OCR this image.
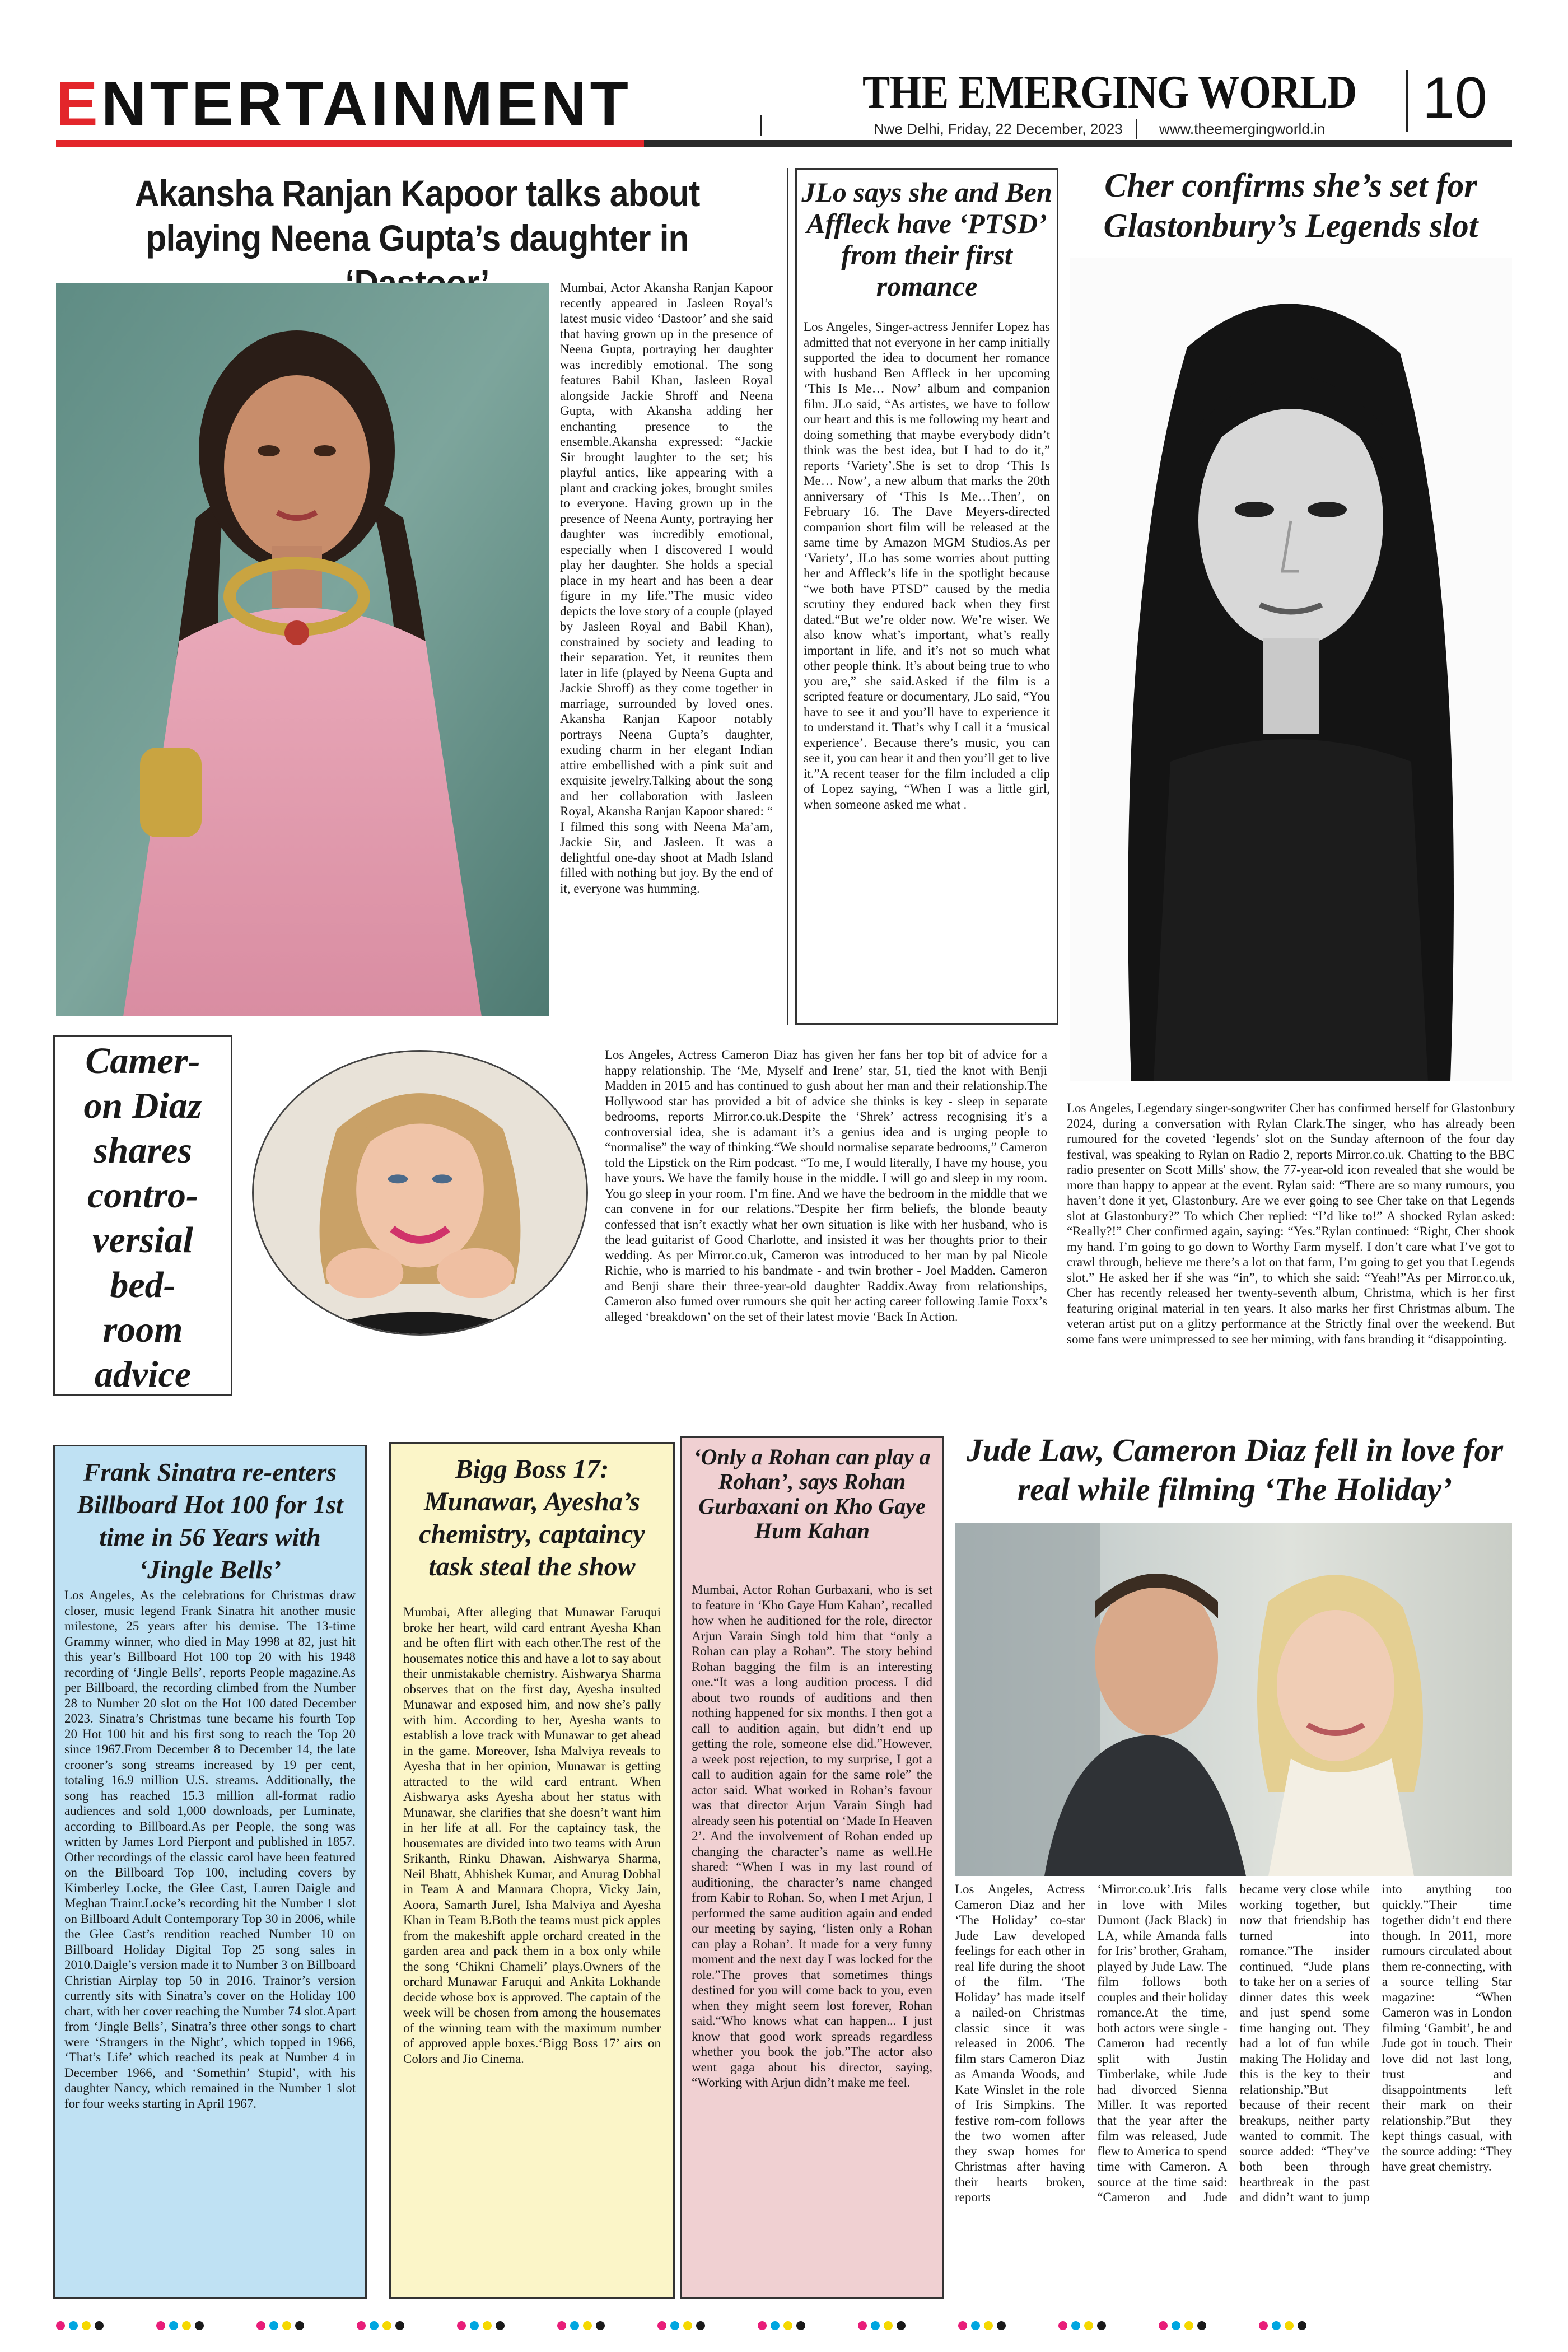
ENTERTAINMENT	THE EMERGING WORLD
Nwe Delhi, Friday, 22 December, 2023	www.theemergingworld.in 10
Akansha Ranjan Kapoor talks about playing Neena Gupta’s daughter in
Mumbai, Actor Akansha Ranjan Kapoor recently appeared in Jasleen Royal’s latest music video ‘Dastoor’ and she said that having grown up in the presence of Neena Gupta, portraying her daughter was incredibly emotional. The song features Babil Khan, Jasleen Royal alongside Jackie Shroff and Neena Gupta, with Akansha adding her enchanting presence to the ensemble.Akansha expressed: “Jackie Sir brought laughter to the set; his playful antics, like appearing with a plant and cracking jokes, brought smiles to everyone. Having grown up in the presence of Neena Aunty, portraying her daughter was incredibly emotional, especially when I discovered I would play her daughter. She holds a special place in my heart and has been a dear figure in my life.”The music video depicts the love story of a couple (played by Jasleen Royal and Babil Khan), constrained by society and leading to their separation. Yet, it reunites them later in life (played by Neena Gupta and Jackie Shroff) as they come together in marriage, surrounded by loved ones. Akansha Ranjan Kapoor notably portrays Neena Gupta’s daughter, exuding charm in her elegant Indian attire embellished with a pink suit and exquisite jewelry.Talking about the song and her collaboration with Jasleen Royal, Akansha Ranjan Kapoor shared: “ I filmed this song with Neena Ma’am, Jackie Sir, and Jasleen. It was a delightful one-day shoot at Madh Island filled with nothing but joy. By the end of it, everyone was humming.
JLo says she and Ben Affleck have ‘PTSD’ from their first romance
Los Angeles, Singer-actress Jennifer Lopez has admitted that not everyone in her camp initially supported the idea to document her romance with husband Ben Affleck in her upcoming ‘This Is Me… Now’ album and companion film. JLo said, “As artistes, we have to follow our heart and this is me following my heart and doing something that maybe everybody didn’t think was the best idea, but I had to do it,” reports ‘Variety’.She is set to drop ‘This Is Me… Now’, a new album that marks the 20th anniversary of ‘This Is Me…Then’, on February 16. The Dave Meyers-directed companion short film will be released at the same time by Amazon MGM Studios.As per ‘Variety’, JLo has some worries about putting her and Affleck’s life in the spotlight because “we both have PTSD” caused by the media scrutiny they endured back when they first dated.“But we’re older now. We’re wiser. We also know what’s important, what’s really important in life, and it’s not so much what other people think. It’s about being true to who you are,” she said.Asked if the film is a scripted feature or documentary, JLo said, “You have to see it and you’ll have to experience it to understand it. That’s why I call it a ‘musical experience’. Because there’s music, you can see it, you can hear it and then you’ll get to live it.”A recent teaser for the film included a clip of Lopez saying, “When I was a little girl, when someone asked me what .
Cher confirms she’s set for Glastonbury’s Legends slot
Los Angeles, Legendary singer-songwriter Cher has confirmed herself for Glastonbury 2024, during a conversation with Rylan Clark.The singer, who has already been rumoured for the coveted ‘legends’ slot on the Sunday afternoon of the four day festival, was speaking to Rylan on Radio 2, reports Mirror.co.uk. Chatting to the BBC radio presenter on Scott Mills' show, the 77-year-old icon revealed that she would be more than happy to appear at the event. Rylan said: “There are so many rumours, you haven’t done it yet, Glastonbury. Are we ever going to see Cher take on that Legends slot at Glastonbury?” To which Cher replied: “I’d like to!” A shocked Rylan asked: “Really?!” Cher confirmed again, saying: “Yes.”Rylan continued: “Right, Cher shook my hand. I’m going to go down to Worthy Farm myself. I don’t care what I’ve got to crawl through, believe me there’s a lot on that farm, I’m going to get you that Legends slot.” He asked her if she was “in”, to which she said: “Yeah!”As per Mirror.co.uk, Cher has recently released her twenty-seventh album, Christma, which is her first featuring original material in ten years. It also marks her first Christmas album. The veteran artist put on a glitzy performance at the Strictly final over the weekend. But some fans were unimpressed to see her miming, with fans branding it “disappointing.
Camer-
on Diaz
shares
contro-
versial
bed-
room
advice
Los Angeles, Actress Cameron Diaz has given her fans her top bit of advice for a happy relationship. The ‘Me, Myself and Irene’ star, 51, tied the knot with Benji Madden in 2015 and has continued to gush about her man and their relationship.The Hollywood star has provided a bit of advice she thinks is key - sleep in separate bedrooms, reports Mirror.co.uk.Despite the ‘Shrek’ actress recognising it’s a controversial idea, she is adamant it’s a genius idea and is urging people to “normalise” the way of thinking.“We should normalise separate bedrooms,” Cameron told the Lipstick on the Rim podcast. “To me, I would literally, I have my house, you have yours. We have the family house in the middle. I will go and sleep in my room. You go sleep in your room. I’m fine. And we have the bedroom in the middle that we can convene in for our relations.”Despite her firm beliefs, the blonde beauty confessed that isn’t exactly what her own situation is like with her husband, who is the lead guitarist of Good Charlotte, and insisted it was her thoughts prior to their wedding. As per Mirror.co.uk, Cameron was introduced to her man by pal Nicole Richie, who is married to his bandmate - and twin brother - Joel Madden. Cameron and Benji share their three-year-old daughter Raddix.Away from relationships, Cameron also fumed over rumours she quit her acting career following Jamie Foxx’s alleged ‘breakdown’ on the set of their latest movie ‘Back In Action.
Frank Sinatra re-enters Billboard Hot 100 for 1st time in 56 Years with ‘Jingle Bells’
Los Angeles, As the celebrations for Christmas draw closer, music legend Frank Sinatra hit another music milestone, 25 years after his demise. The 13-time Grammy winner, who died in May 1998 at 82, just hit this year’s Billboard Hot 100 top 20 with his 1948 recording of ‘Jingle Bells’, reports People magazine.As per Billboard, the recording climbed from the Number 28 to Number 20 slot on the Hot 100 dated December 2023. Sinatra’s Christmas tune became his fourth Top 20 Hot 100 hit and his first song to reach the Top 20 since 1967.From December 8 to December 14, the late crooner’s song streams increased by 19 per cent, totaling 16.9 million U.S. streams. Additionally, the song has reached 15.3 million all-format radio audiences and sold 1,000 downloads, per Luminate, according to Billboard.As per People, the song was written by James Lord Pierpont and published in 1857. Other recordings of the classic carol have been featured on the Billboard Top 100, including covers by Kimberley Locke, the Glee Cast, Lauren Daigle and Meghan Trainr.Locke’s recording hit the Number 1 slot on Billboard Adult Contemporary Top 30 in 2006, while the Glee Cast’s rendition reached Number 10 on Billboard Holiday Digital Top 25 song sales in 2010.Daigle’s version made it to Number 3 on Billboard Christian Airplay top 50 in 2016. Trainor’s version currently sits with Sinatra’s cover on the Holiday 100 chart, with her cover reaching the Number 74 slot.Apart from ‘Jingle Bells’, Sinatra’s three other songs to chart were ‘Strangers in the Night’, which topped in 1966, ‘That’s Life’ which reached its peak at Number 4 in December 1966, and ‘Somethin’ Stupid’, with his daughter Nancy, which remained in the Number 1 slot for four weeks starting in April 1967.
Bigg Boss 17: Munawar, Ayesha’s chemistry, captaincy task steal the show
Mumbai, After alleging that Munawar Faruqui broke her heart, wild card entrant Ayesha Khan and he often flirt with each other.The rest of the housemates notice this and have a lot to say about their unmistakable chemistry. Aishwarya Sharma observes that on the first day, Ayesha insulted Munawar and exposed him, and now she’s pally with him. According to her, Ayesha wants to establish a love track with Munawar to get ahead in the game. Moreover, Isha Malviya reveals to Ayesha that in her opinion, Munawar is getting attracted to the wild card entrant. When Aishwarya asks Ayesha about her status with Munawar, she clarifies that she doesn’t want him in her life at all. For the captaincy task, the housemates are divided into two teams with Arun Srikanth, Rinku Dhawan, Aishwarya Sharma, Neil Bhatt, Abhishek Kumar, and Anurag Dobhal in Team A and Mannara Chopra, Vicky Jain, Aoora, Samarth Jurel, Isha Malviya and Ayesha Khan in Team B.Both the teams must pick apples from the makeshift apple orchard created in the garden area and pack them in a box only while the song ‘Chikni Chameli’ plays.Owners of the orchard Munawar Faruqui and Ankita Lokhande decide whose box is approved. The captain of the week will be chosen from among the housemates of the winning team with the maximum number of approved apple boxes.‘Bigg Boss 17’ airs on Colors and Jio Cinema.
‘Only a Rohan can play a Rohan’, says Rohan Gurbaxani on Kho Gaye Hum Kahan
Mumbai, Actor Rohan Gurbaxani, who is set to feature in ‘Kho Gaye Hum Kahan’, recalled how when he auditioned for the role, director Arjun Varain Singh told him that “only a Rohan can play a Rohan”. The story behind Rohan bagging the film is an interesting one.“It was a long audition process. I did about two rounds of auditions and then nothing happened for six months. I then got a call to audition again, but didn’t end up getting the role, someone else did.”However, a week post rejection, to my surprise, I got a call to audition again for the same role” the actor said. What worked in Rohan’s favour was that director Arjun Varain Singh had already seen his potential on ‘Made In Heaven 2’. And the involvement of Rohan ended up changing the character’s name as well.He shared: “When I was in my last round of auditioning, the character’s name changed from Kabir to Rohan. So, when I met Arjun, I performed the same audition again and ended our meeting by saying, ‘listen only a Rohan can play a Rohan’. It made for a very funny moment and the next day I was locked for the role.”The proves that sometimes things destined for you will come back to you, even when they might seem lost forever, Rohan said.“Who knows what can happen... I just know that good work spreads regardless whether you book the job.”The actor also went gaga about his director, saying, “Working with Arjun didn’t make me feel.
Jude Law, Cameron Diaz fell in love for real while filming ‘The Holiday’
Los Angeles, Actress Cameron Diaz and her ‘The Holiday’ co-star Jude Law developed feelings for each other in real life during the shoot of the film. ‘The Holiday’ has made itself a nailed-on Christmas classic since it was released in 2006. The film stars Cameron Diaz as Amanda Woods, and Kate Winslet in the role of Iris Simpkins. The festive rom-com follows the two women after they swap homes for Christmas after having their hearts broken, reports ‘Mirror.co.uk’.Iris falls in love with Miles Dumont (Jack Black) in LA, while Amanda falls for Iris’ brother, Graham, played by Jude Law. The film follows both couples and their holiday romance.At the time, both actors were single - Cameron had recently split with Justin Timberlake, while Jude had divorced Sienna Miller. It was reported that the year after the film was released, Jude flew to America to spend time with Cameron. A source at the time said: “Cameron and Jude became very close while working together, but now that friendship has turned into romance.”The insider continued, “Jude plans to take her on a series of dinner dates this week and just spend some time hanging out. They had a lot of fun while making The Holiday and this is the key to their relationship.”But because of their recent breakups, neither party wanted to commit. The source added: “They’ve both been through heartbreak in the past and didn’t want to jump into anything too quickly.”Their time together didn’t end there though. In 2011, more rumours circulated about them re-connecting, with a source telling Star magazine: “When Cameron was in London filming ‘Gambit’, he and Jude got in touch. Their love did not last long, trust and disappointments left their mark on their relationship.”But they kept things casual, with the source adding: “They have great chemistry.
